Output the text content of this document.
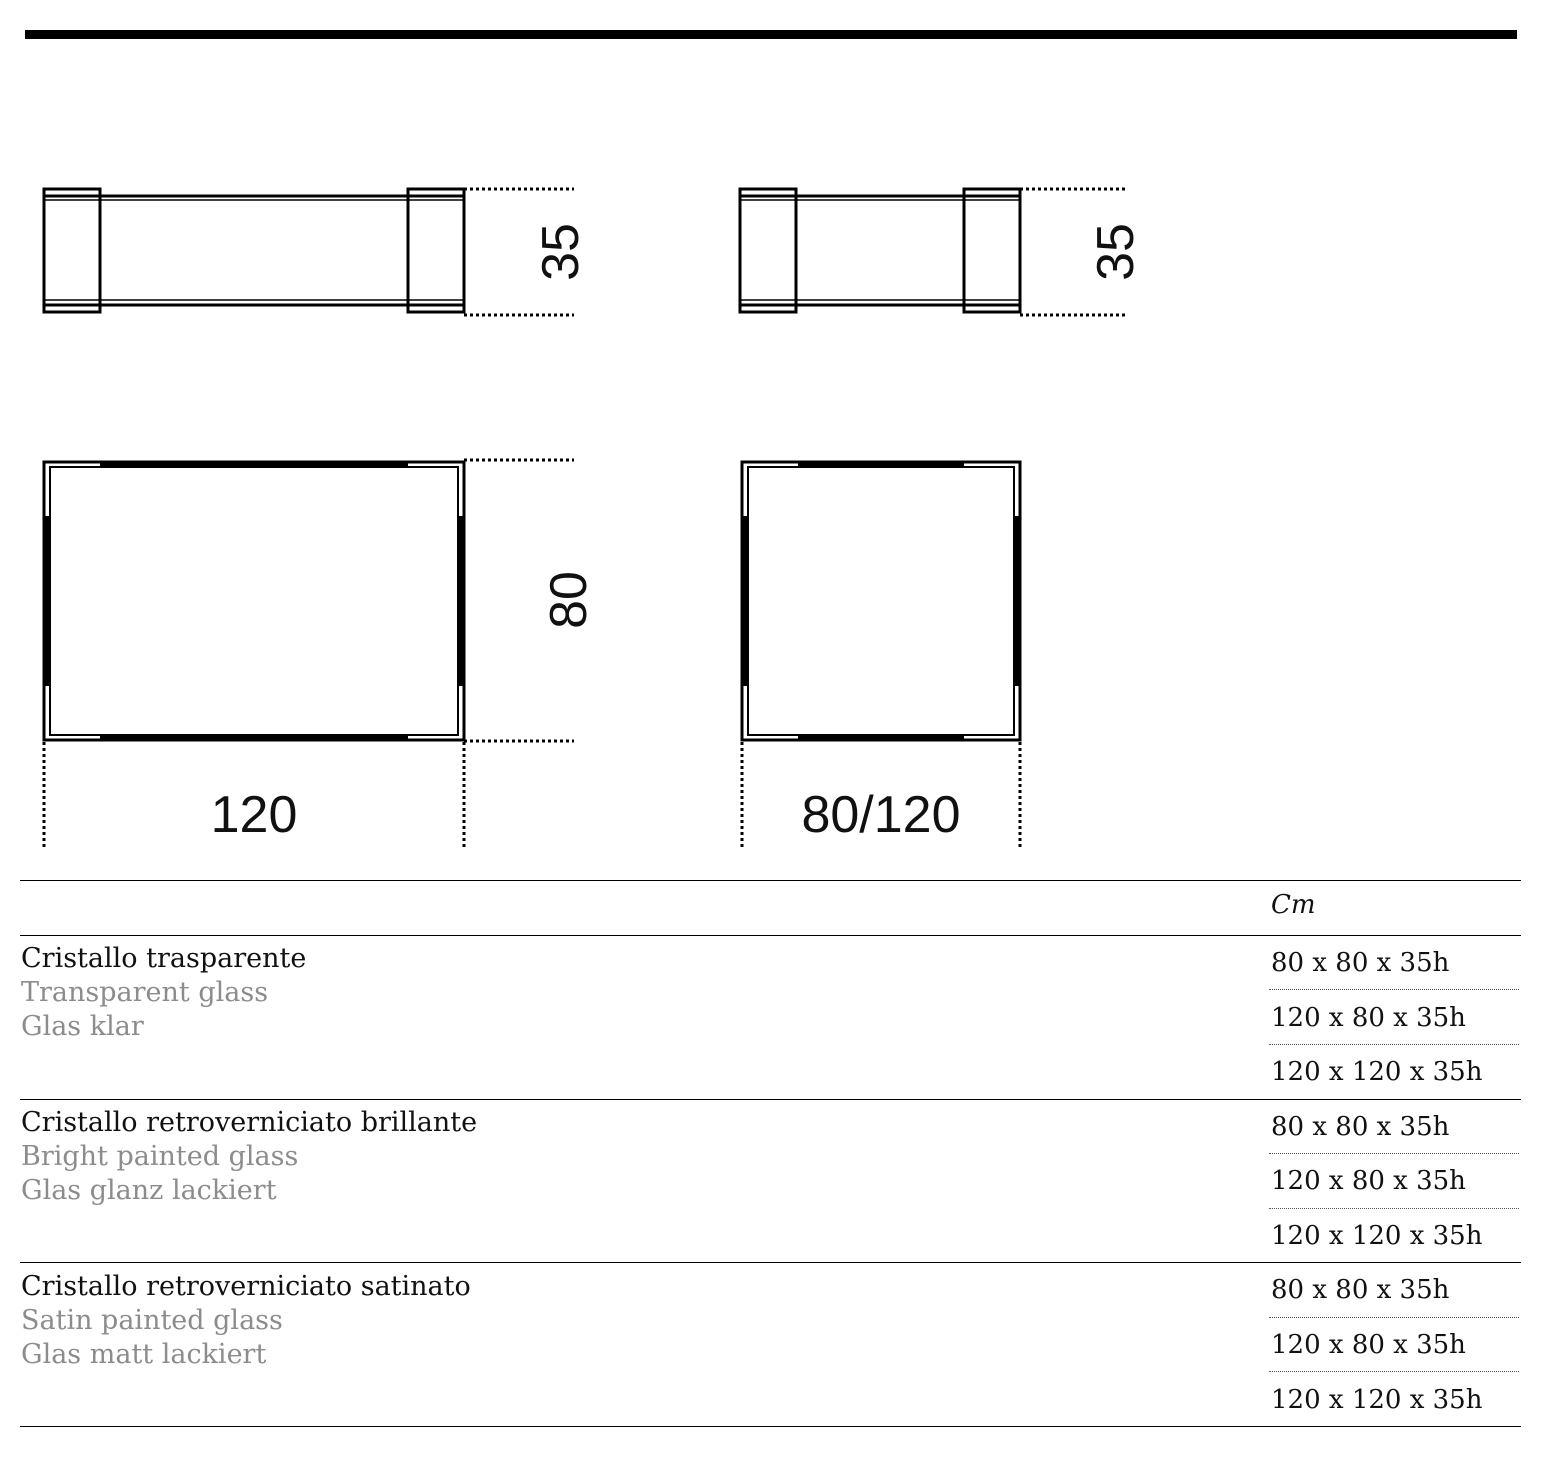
35	35
80
120	80/120
Cm
Cristallo trasparente
Transparent glass
Glas klar
80 x 80 x 35h
120 x 80 x 35h
120 x 120 x 35h
Cristallo retroverniciato brillante
Bright painted glass
Glas glanz lackiert
80 x 80 x 35h
120 x 80 x 35h
120 x 120 x 35h
Cristallo retroverniciato satinato
Satin painted glass
Glas matt lackiert
80 x 80 x 35h
120 x 80 x 35h
120 x 120 x 35h
